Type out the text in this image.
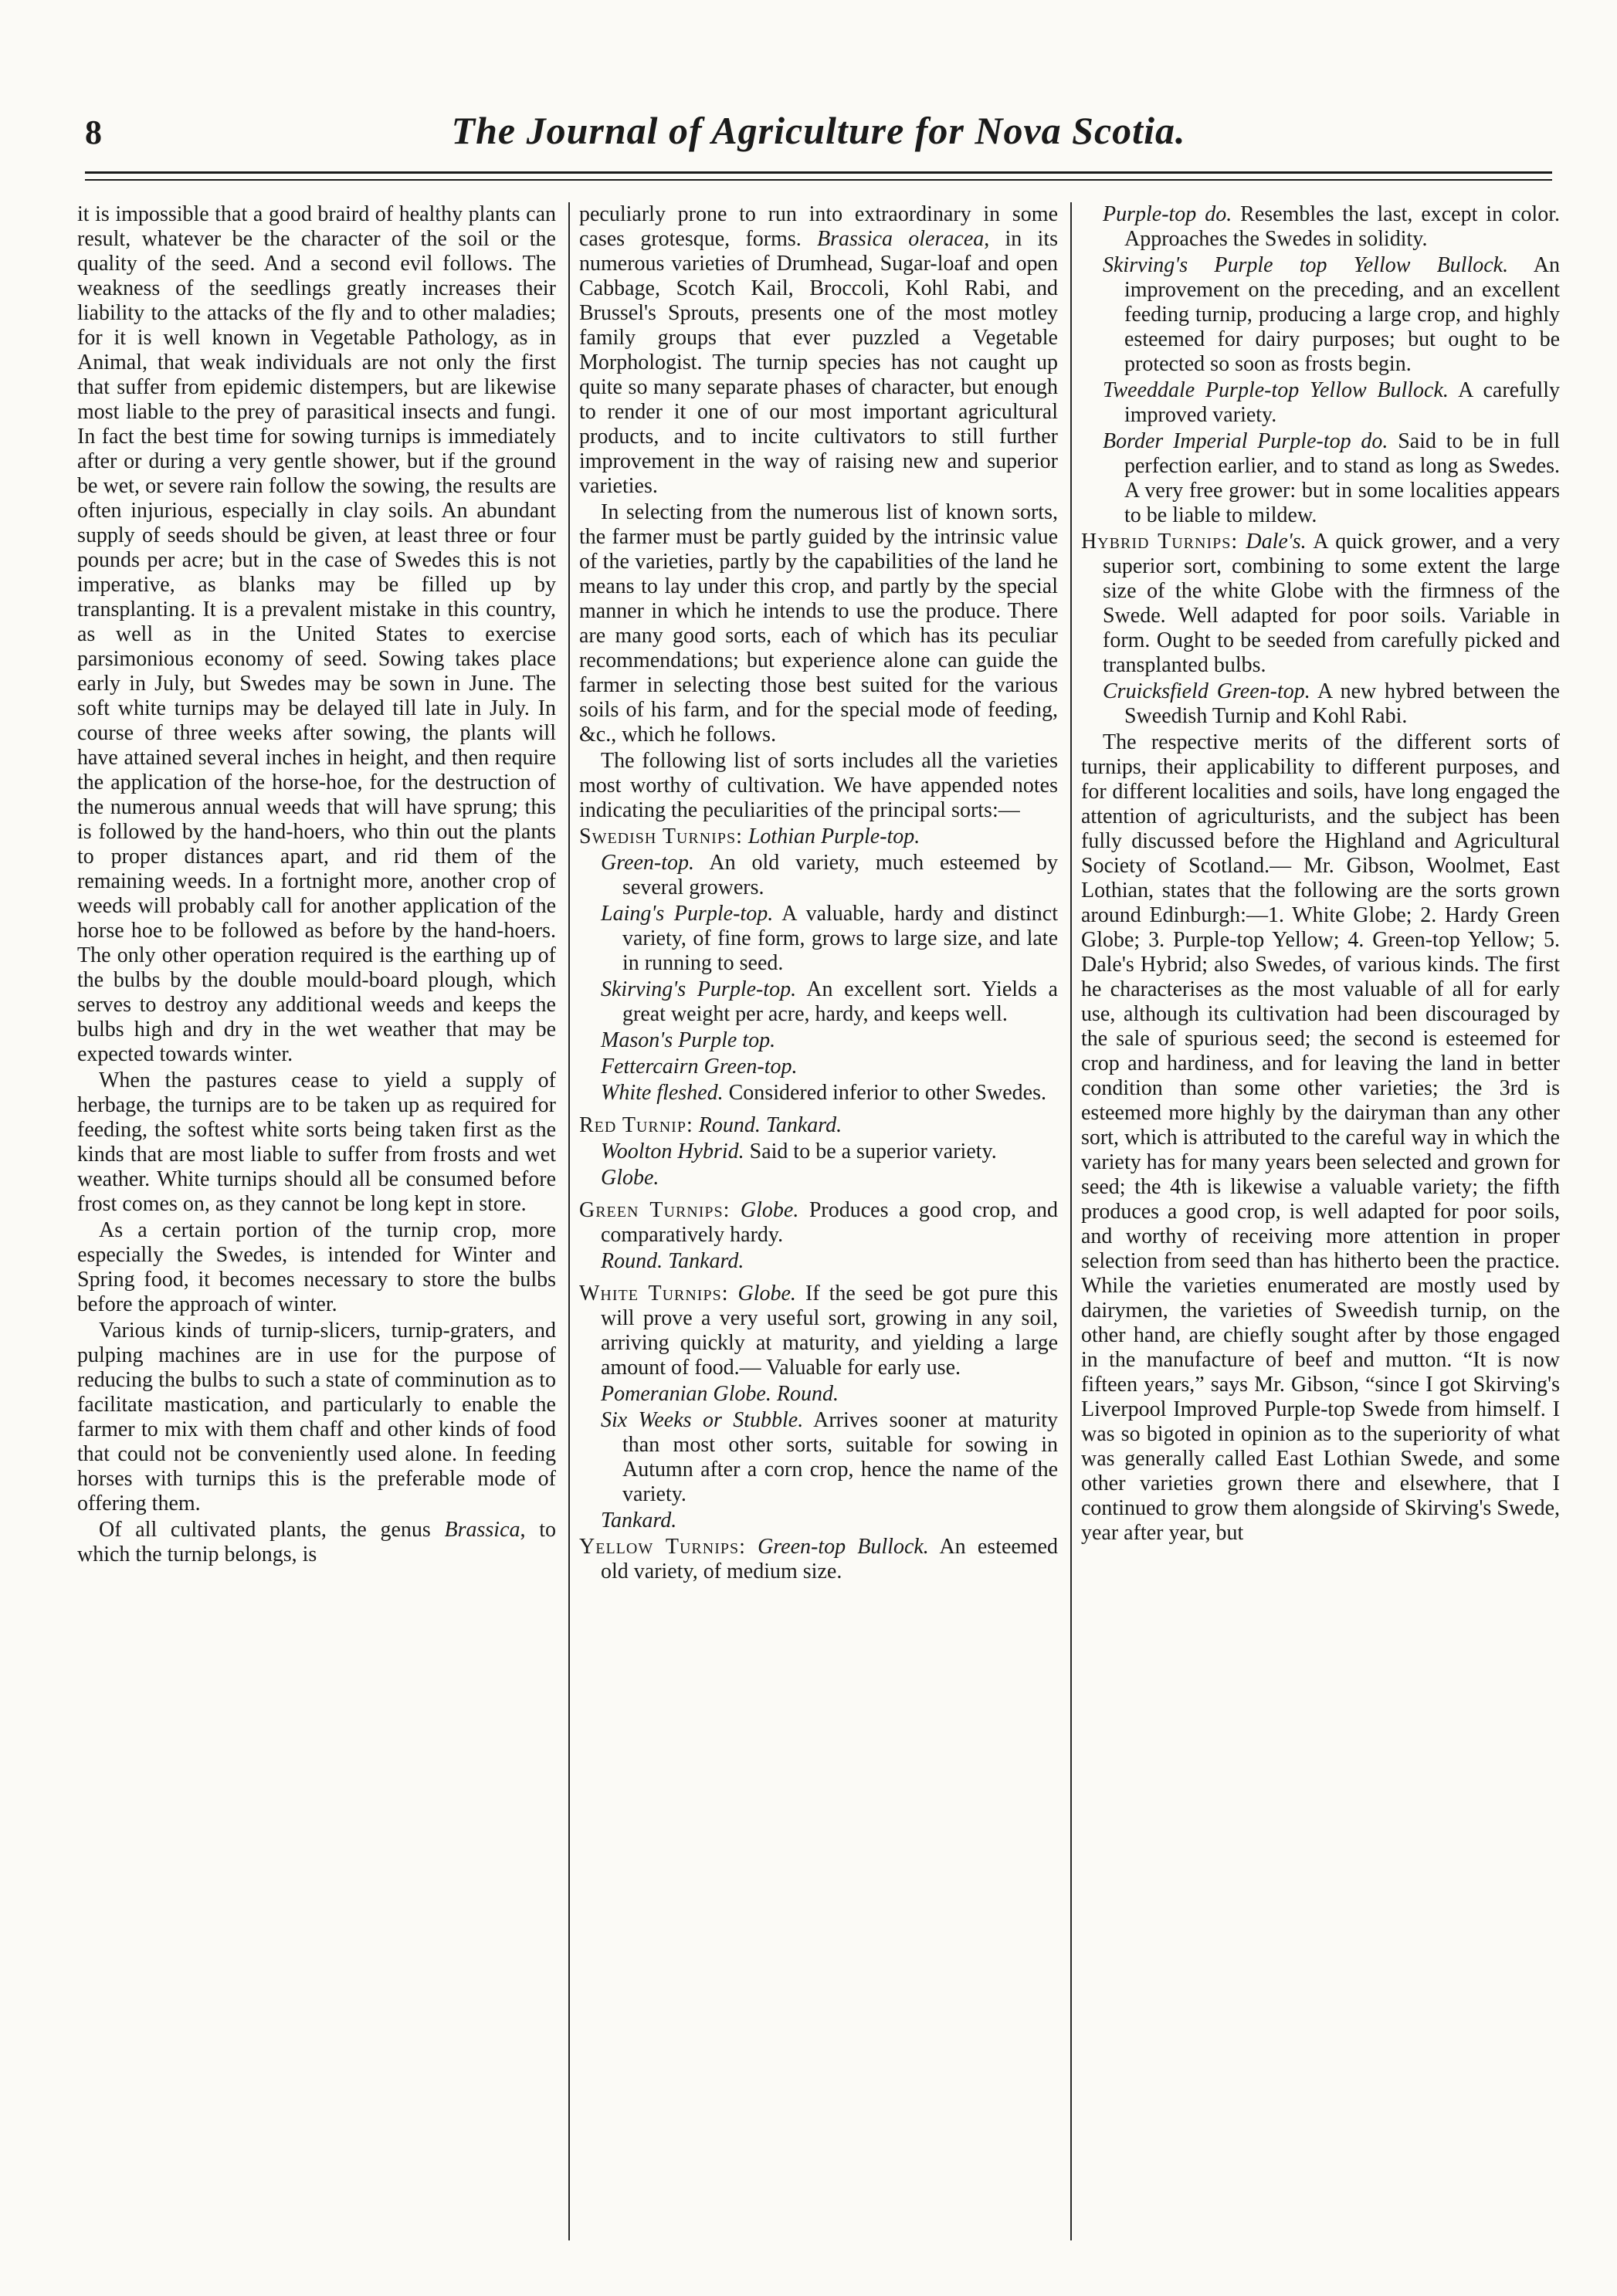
8	The Journal of Agriculture for Nova Scotia.

it is impossible that a good braird of healthy plants can result, whatever be the character of the soil or the quality of the seed. And a second evil follows. The weakness of the seedlings greatly increases their liability to the attacks of the fly and to other maladies; for it is well known in Vegetable Pathology, as in Animal, that weak individuals are not only the first that suffer from epidemic distempers, but are likewise most liable to the prey of parasitical insects and fungi. In fact the best time for sowing turnips is immediately after or during a very gentle shower, but if the ground be wet, or severe rain follow the sowing, the results are often injurious, especially in clay soils. An abundant supply of seeds should be given, at least three or four pounds per acre; but in the case of Swedes this is not imperative, as blanks may be filled up by transplanting. It is a prevalent mistake in this country, as well as in the United States to exercise parsimonious economy of seed. Sowing takes place early in July, but Swedes may be sown in June. The soft white turnips may be delayed till late in July. In course of three weeks after sowing, the plants will have attained several inches in height, and then require the application of the horse-hoe, for the destruction of the numerous annual weeds that will have sprung; this is followed by the hand-hoers, who thin out the plants to proper distances apart, and rid them of the remaining weeds. In a fortnight more, another crop of weeds will probably call for another application of the horse hoe to be followed as before by the hand-hoers. The only other operation required is the earthing up of the bulbs by the double mould-board plough, which serves to destroy any additional weeds and keeps the bulbs high and dry in the wet weather that may be expected towards winter.

When the pastures cease to yield a supply of herbage, the turnips are to be taken up as required for feeding, the softest white sorts being taken first as the kinds that are most liable to suffer from frosts and wet weather. White turnips should all be consumed before frost comes on, as they cannot be long kept in store.

As a certain portion of the turnip crop, more especially the Swedes, is intended for Winter and Spring food, it becomes necessary to store the bulbs before the approach of winter.

Various kinds of turnip-slicers, turnip-graters, and pulping machines are in use for the purpose of reducing the bulbs to such a state of comminution as to facilitate mastication, and particularly to enable the farmer to mix with them chaff and other kinds of food that could not be conveniently used alone. In feeding horses with turnips this is the preferable mode of offering them.

Of all cultivated plants, the genus Brassica, to which the turnip belongs, is

peculiarly prone to run into extraordinary in some cases grotesque, forms. Brassica oleracea, in its numerous varieties of Drumhead, Sugar-loaf and open Cabbage, Scotch Kail, Broccoli, Kohl Rabi, and Brussel's Sprouts, presents one of the most motley family groups that ever puzzled a Vegetable Morphologist. The turnip species has not caught up quite so many separate phases of character, but enough to render it one of our most important agricultural products, and to incite cultivators to still further improvement in the way of raising new and superior varieties.

In selecting from the numerous list of known sorts, the farmer must be partly guided by the intrinsic value of the varieties, partly by the capabilities of the land he means to lay under this crop, and partly by the special manner in which he intends to use the produce. There are many good sorts, each of which has its peculiar recommendations; but experience alone can guide the farmer in selecting those best suited for the various soils of his farm, and for the special mode of feeding, &c., which he follows.

The following list of sorts includes all the varieties most worthy of cultivation. We have appended notes indicating the peculiarities of the principal sorts:—

Swedish Turnips: Lothian Purple-top.

Green-top. An old variety, much esteemed by several growers.

Laing's Purple-top. A valuable, hardy and distinct variety, of fine form, grows to large size, and late in running to seed.

Skirving's Purple-top. An excellent sort. Yields a great weight per acre, hardy, and keeps well.

Mason's Purple top.

Fettercairn Green-top.

White fleshed. Considered inferior to other Swedes.

Red Turnip: Round. Tankard.

Woolton Hybrid. Said to be a superior variety.

Globe.

Green Turnips: Globe. Produces a good crop, and comparatively hardy.

Round. Tankard.

White Turnips: Globe. If the seed be got pure this will prove a very useful sort, growing in any soil, arriving quickly at maturity, and yielding a large amount of food.— Valuable for early use.

Pomeranian Globe. Round.

Six Weeks or Stubble. Arrives sooner at maturity than most other sorts, suitable for sowing in Autumn after a corn crop, hence the name of the variety.

Tankard.

Yellow Turnips: Green-top Bullock. An esteemed old variety, of medium size.

Purple-top do. Resembles the last, except in color. Approaches the Swedes in solidity.

Skirving's Purple top Yellow Bullock. An improvement on the preceding, and an excellent feeding turnip, producing a large crop, and highly esteemed for dairy purposes; but ought to be protected so soon as frosts begin.

Tweeddale Purple-top Yellow Bullock. A carefully improved variety.

Border Imperial Purple-top do. Said to be in full perfection earlier, and to stand as long as Swedes. A very free grower: but in some localities appears to be liable to mildew.

Hybrid Turnips: Dale's. A quick grower, and a very superior sort, combining to some extent the large size of the white Globe with the firmness of the Swede. Well adapted for poor soils. Variable in form. Ought to be seeded from carefully picked and transplanted bulbs.

Cruicksfield Green-top. A new hybred between the Sweedish Turnip and Kohl Rabi.

The respective merits of the different sorts of turnips, their applicability to different purposes, and for different localities and soils, have long engaged the attention of agriculturists, and the subject has been fully discussed before the Highland and Agricultural Society of Scotland.— Mr. Gibson, Woolmet, East Lothian, states that the following are the sorts grown around Edinburgh:—1. White Globe; 2. Hardy Green Globe; 3. Purple-top Yellow; 4. Green-top Yellow; 5. Dale's Hybrid; also Swedes, of various kinds. The first he characterises as the most valuable of all for early use, although its cultivation had been discouraged by the sale of spurious seed; the second is esteemed for crop and hardiness, and for leaving the land in better condition than some other varieties; the 3rd is esteemed more highly by the dairyman than any other sort, which is attributed to the careful way in which the variety has for many years been selected and grown for seed; the 4th is likewise a valuable variety; the fifth produces a good crop, is well adapted for poor soils, and worthy of receiving more attention in proper selection from seed than has hitherto been the practice. While the varieties enumerated are mostly used by dairymen, the varieties of Sweedish turnip, on the other hand, are chiefly sought after by those engaged in the manufacture of beef and mutton. “It is now fifteen years,” says Mr. Gibson, “since I got Skirving's Liverpool Improved Purple-top Swede from himself. I was so bigoted in opinion as to the superiority of what was generally called East Lothian Swede, and some other varieties grown there and elsewhere, that I continued to grow them alongside of Skirving's Swede, year after year, but
